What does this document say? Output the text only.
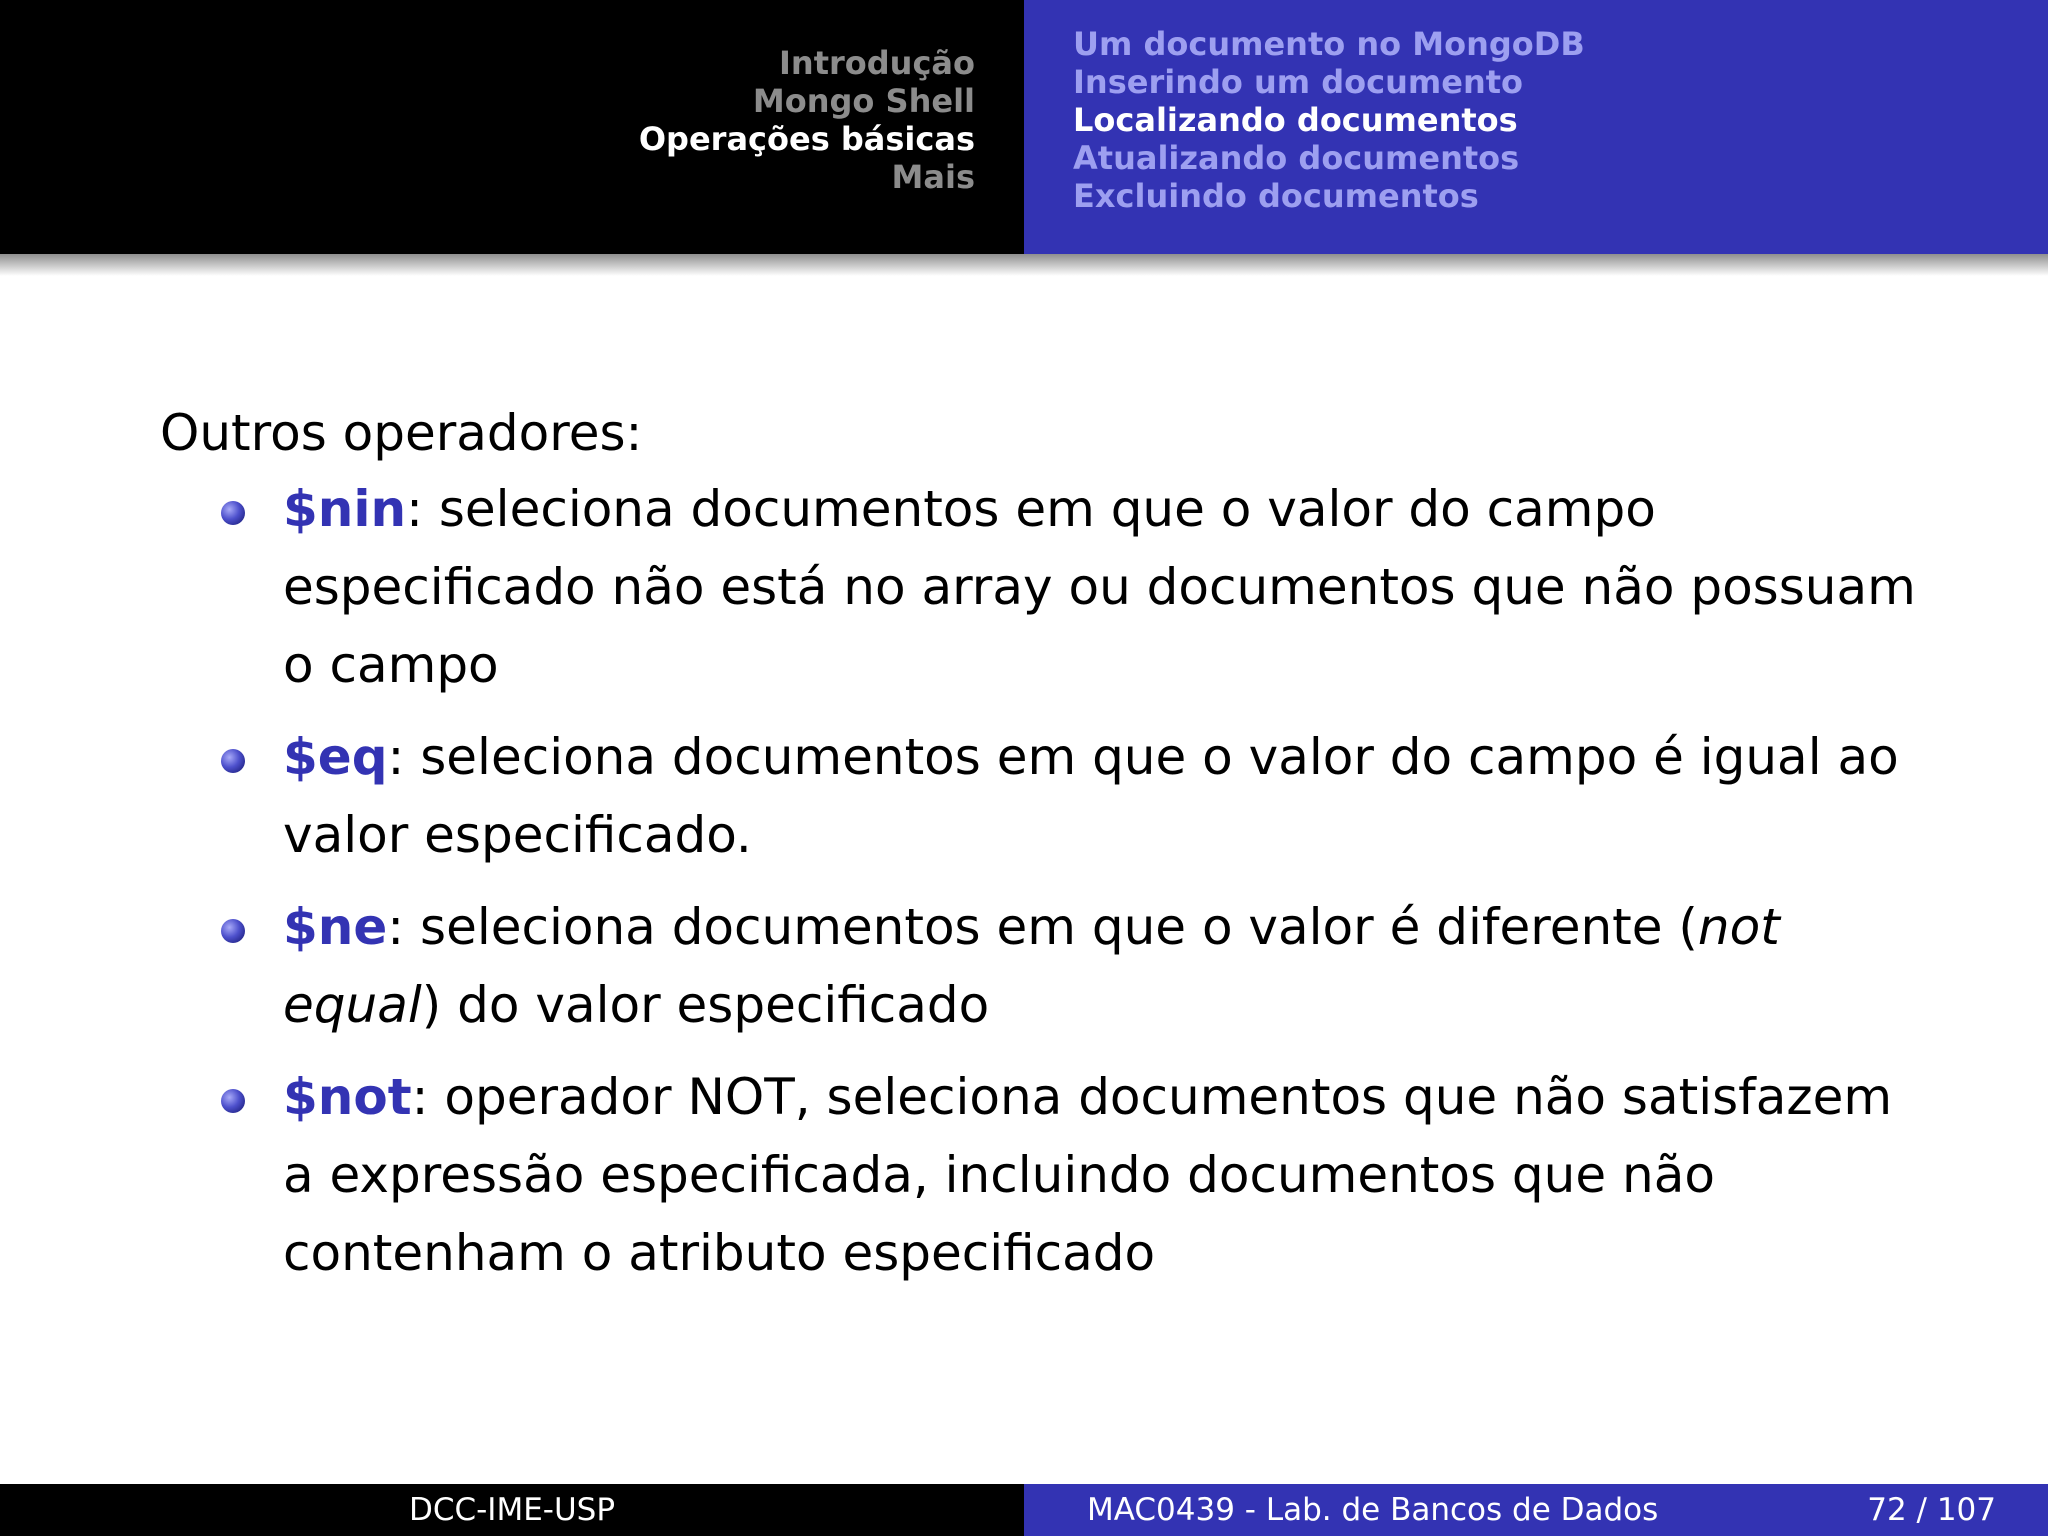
Introdução
Mongo Shell
Operações básicas
Mais
Um documento no MongoDB
Inserindo um documento
Localizando documentos
Atualizando documentos
Excluindo documentos

Outros operadores:

$nin: seleciona documentos em que o valor do campo especificado não está no array ou documentos que não possuam o campo
$eq: seleciona documentos em que o valor do campo é igual ao valor especificado.
$ne: seleciona documentos em que o valor é diferente (not equal) do valor especificado
$not: operador NOT, seleciona documentos que não satisfazem a expressão especificada, incluindo documentos que não contenham o atributo especificado
DCC-IME-USP	MAC0439 - Lab. de Bancos de Dados	72 / 107
